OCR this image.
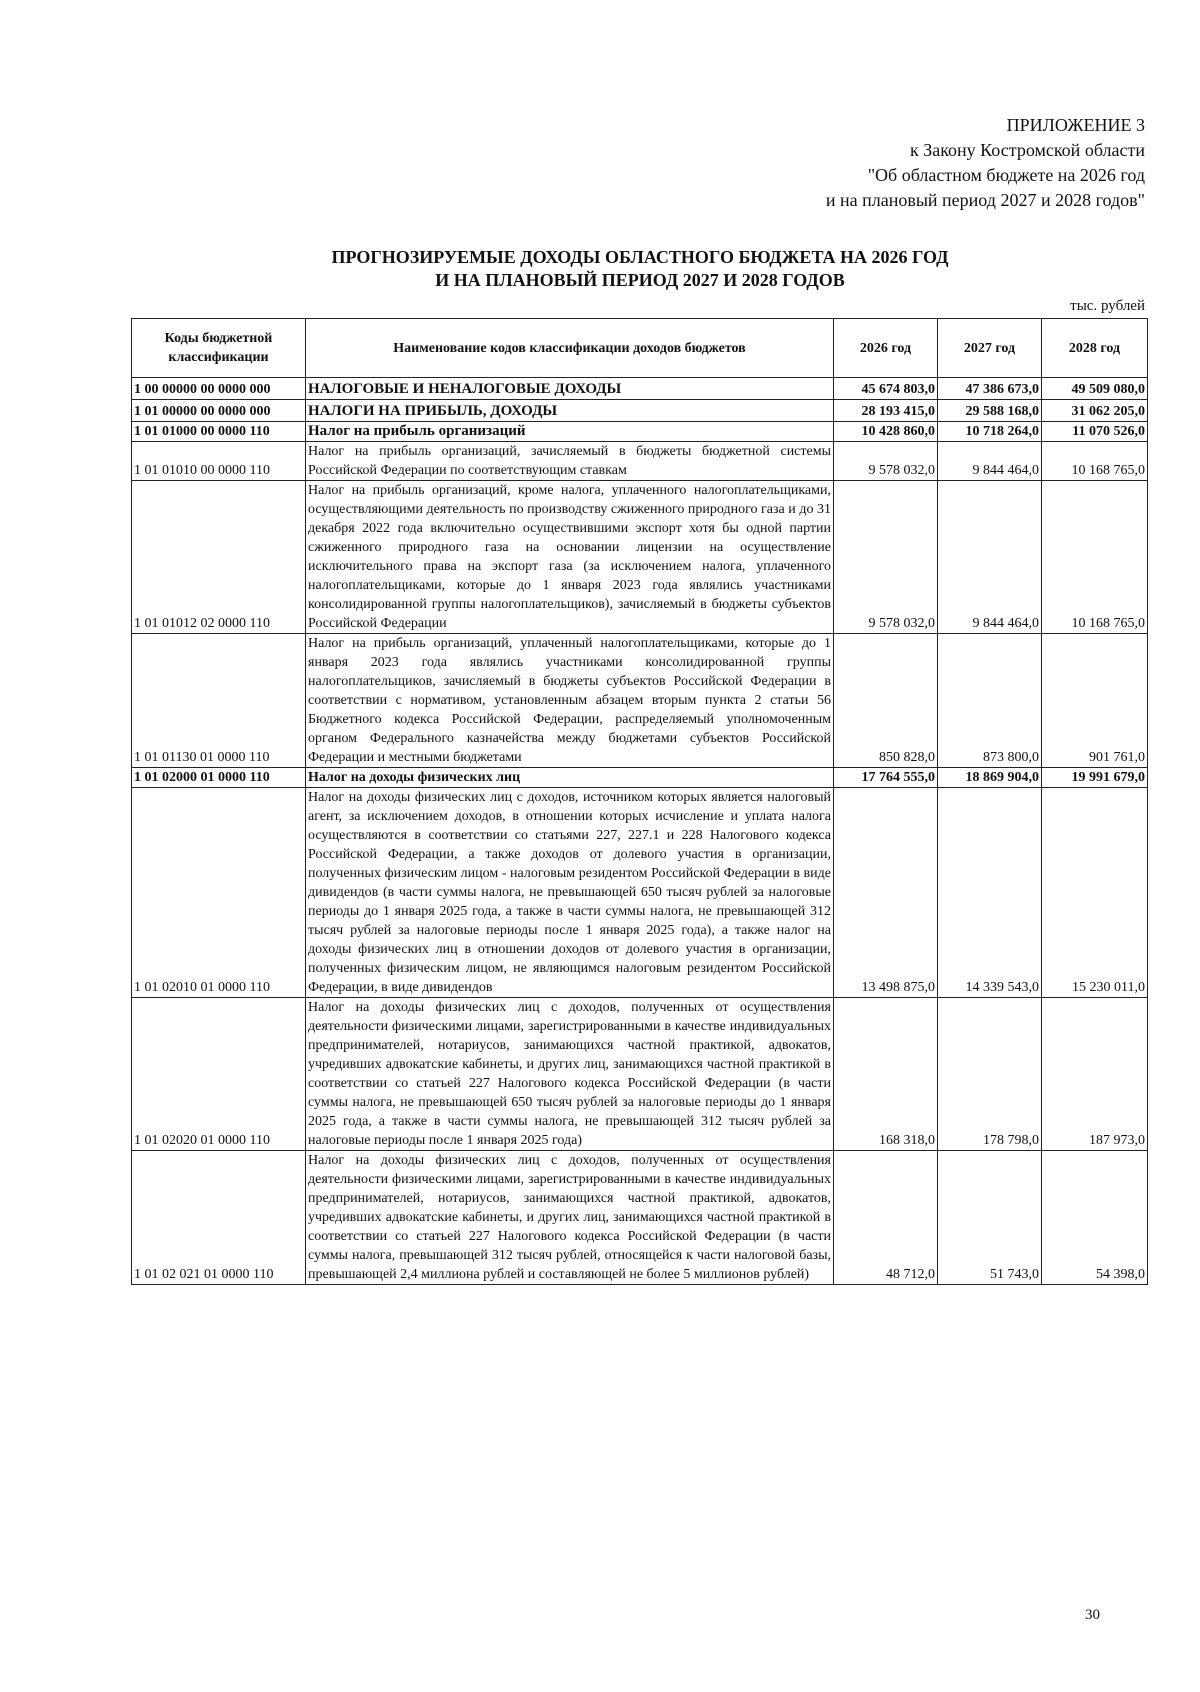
ПРИЛОЖЕНИЕ 3
к Закону Костромской области
"Об областном бюджете на 2026 год
и на плановый период 2027 и 2028 годов"
ПРОГНОЗИРУЕМЫЕ ДОХОДЫ ОБЛАСТНОГО БЮДЖЕТА НА 2026 ГОД
И НА ПЛАНОВЫЙ ПЕРИОД 2027 И 2028 ГОДОВ
тыс. рублей
Коды бюджетной классификации	Наименование кодов классификации доходов бюджетов	2026 год	2027 год	2028 год
1 00 00000 00 0000 000	НАЛОГОВЫЕ И НЕНАЛОГОВЫЕ ДОХОДЫ	45 674 803,0	47 386 673,0	49 509 080,0
1 01 00000 00 0000 000	НАЛОГИ НА ПРИБЫЛЬ, ДОХОДЫ	28 193 415,0	29 588 168,0	31 062 205,0
1 01 01000 00 0000 110	Налог на прибыль организаций	10 428 860,0	10 718 264,0	11 070 526,0
1 01 01010 00 0000 110	Налог на прибыль организаций, зачисляемый в бюджеты бюджетной системы Российской Федерации по соответствующим ставкам	9 578 032,0	9 844 464,0	10 168 765,0
1 01 01012 02 0000 110	Налог на прибыль организаций, кроме налога, уплаченного налогоплательщиками, осуществляющими деятельность по производству сжиженного природного газа и до 31 декабря 2022 года включительно осуществившими экспорт хотя бы одной партии сжиженного природного газа на основании лицензии на осуществление исключительного права на экспорт газа (за исключением налога, уплаченного налогоплательщиками, которые до 1 января 2023 года являлись участниками консолидированной группы налогоплательщиков), зачисляемый в бюджеты субъектов Российской Федерации	9 578 032,0	9 844 464,0	10 168 765,0
1 01 01130 01 0000 110	Налог на прибыль организаций, уплаченный налогоплательщиками, которые до 1 января 2023 года являлись участниками консолидированной группы налогоплательщиков, зачисляемый в бюджеты субъектов Российской Федерации в соответствии с нормативом, установленным абзацем вторым пункта 2 статьи 56 Бюджетного кодекса Российской Федерации, распределяемый уполномоченным органом Федерального казначейства между бюджетами субъектов Российской Федерации и местными бюджетами	850 828,0	873 800,0	901 761,0
1 01 02000 01 0000 110	Налог на доходы физических лиц	17 764 555,0	18 869 904,0	19 991 679,0
1 01 02010 01 0000 110	Налог на доходы физических лиц с доходов, источником которых является налоговый агент, за исключением доходов, в отношении которых исчисление и уплата налога осуществляются в соответствии со статьями 227, 227.1 и 228 Налогового кодекса Российской Федерации, а также доходов от долевого участия в организации, полученных физическим лицом - налоговым резидентом Российской Федерации в виде дивидендов (в части суммы налога, не превышающей 650 тысяч рублей за налоговые периоды до 1 января 2025 года, а также в части суммы налога, не превышающей 312 тысяч рублей за налоговые периоды после 1 января 2025 года), а также налог на доходы физических лиц в отношении доходов от долевого участия в организации, полученных физическим лицом, не являющимся налоговым резидентом Российской Федерации, в виде дивидендов	13 498 875,0	14 339 543,0	15 230 011,0
1 01 02020 01 0000 110	Налог на доходы физических лиц с доходов, полученных от осуществления деятельности физическими лицами, зарегистрированными в качестве индивидуальных предпринимателей, нотариусов, занимающихся частной практикой, адвокатов, учредивших адвокатские кабинеты, и других лиц, занимающихся частной практикой в соответствии со статьей 227 Налогового кодекса Российской Федерации (в части суммы налога, не превышающей 650 тысяч рублей за налоговые периоды до 1 января 2025 года, а также в части суммы налога, не превышающей 312 тысяч рублей за налоговые периоды после 1 января 2025 года)	168 318,0	178 798,0	187 973,0
1 01 02 021 01 0000 110	Налог на доходы физических лиц с доходов, полученных от осуществления деятельности физическими лицами, зарегистрированными в качестве индивидуальных предпринимателей, нотариусов, занимающихся частной практикой, адвокатов, учредивших адвокатские кабинеты, и других лиц, занимающихся частной практикой в соответствии со статьей 227 Налогового кодекса Российской Федерации (в части суммы налога, превышающей 312 тысяч рублей, относящейся к части налоговой базы, превышающей 2,4 миллиона рублей и составляющей не более 5 миллионов рублей)	48 712,0	51 743,0	54 398,0
30
